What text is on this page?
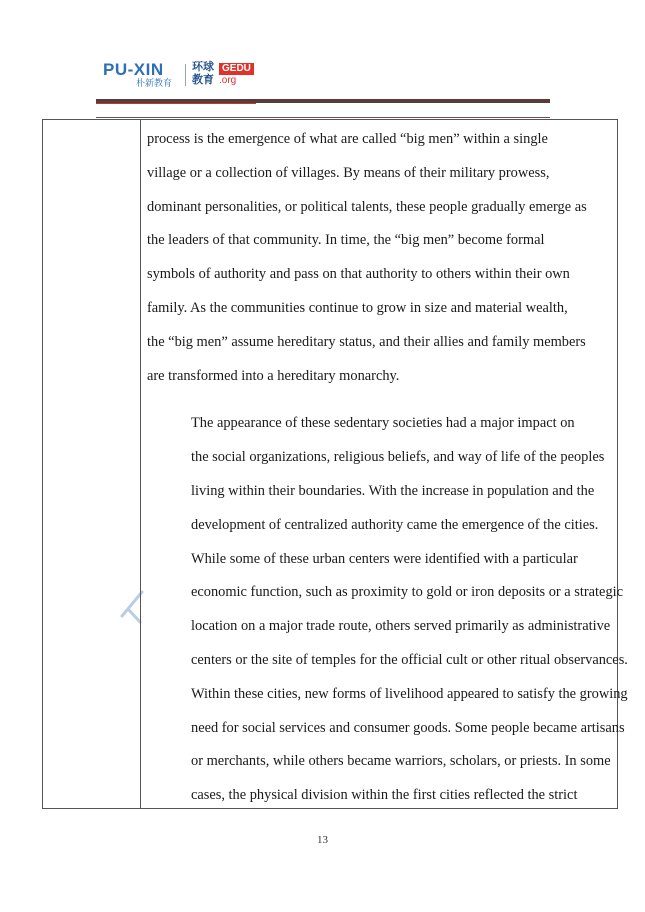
PU-XIN
朴新教育
环球教育
GEDU
.org

process is the emergence of what are called “big men” within a single
village or a collection of villages. By means of their military prowess,
dominant personalities, or political talents, these people gradually emerge as
the leaders of that community. In time, the “big men” become formal
symbols of authority and pass on that authority to others within their own
family. As the communities continue to grow in size and material wealth,
the “big men” assume hereditary status, and their allies and family members
are transformed into a hereditary monarchy.

The appearance of these sedentary societies had a major impact on
the social organizations, religious beliefs, and way of life of the peoples
living within their boundaries. With the increase in population and the
development of centralized authority came the emergence of the cities.
While some of these urban centers were identified with a particular
economic function, such as proximity to gold or iron deposits or a strategic
location on a major trade route, others served primarily as administrative
centers or the site of temples for the official cult or other ritual observances.
Within these cities, new forms of livelihood appeared to satisfy the growing
need for social services and consumer goods. Some people became artisans
or merchants, while others became warriors, scholars, or priests. In some
cases, the physical division within the first cities reflected the strict

13
